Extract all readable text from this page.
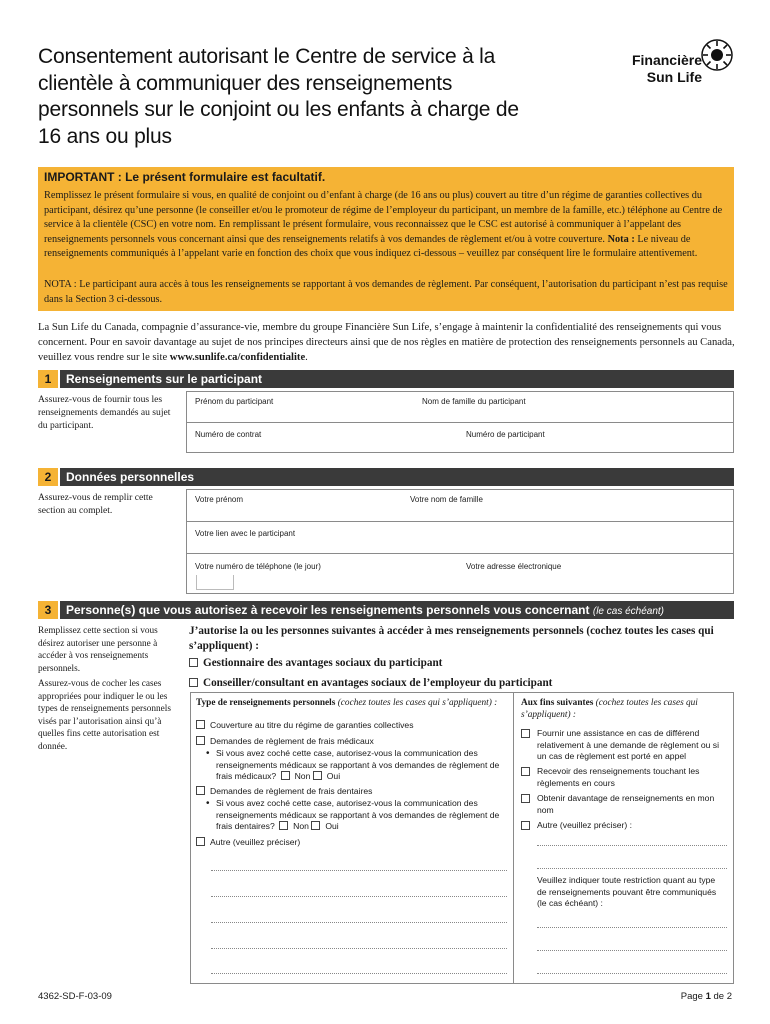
Consentement autorisant le Centre de service à la clientèle à communiquer des renseignements personnels sur le conjoint ou les enfants à charge de 16 ans ou plus
Financière
Sun Life
IMPORTANT : Le présent formulaire est facultatif.
Remplissez le présent formulaire si vous, en qualité de conjoint ou d’enfant à charge (de 16 ans ou plus) couvert au titre d’un régime de garanties collectives du participant, désirez qu’une personne (le conseiller et/ou le promoteur de régime de l’employeur du participant, un membre de la famille, etc.) téléphone au Centre de service à la clientèle (CSC) en votre nom. En remplissant le présent formulaire, vous reconnaissez que le CSC est autorisé à communiquer à l’appelant des renseignements personnels vous concernant ainsi que des renseignements relatifs à vos demandes de règlement et/ou à votre couverture. Nota : Le niveau de renseignements communiqués à l’appelant varie en fonction des choix que vous indiquez ci-dessous – veuillez par conséquent lire le formulaire attentivement.
NOTA : Le participant aura accès à tous les renseignements se rapportant à vos demandes de règlement. Par conséquent, l’autorisation du participant n’est pas requise dans la Section 3 ci-dessous.
La Sun Life du Canada, compagnie d’assurance-vie, membre du groupe Financière Sun Life, s’engage à maintenir la confidentialité des renseignements qui vous concernent. Pour en savoir davantage au sujet de nos principes directeurs ainsi que de nos règles en matière de protection des renseignements personnels au Canada, veuillez vous rendre sur le site www.sunlife.ca/confidentialite.
1	Renseignements sur le participant
Assurez-vous de fournir tous les renseignements demandés au sujet du participant.
Prénom du participant	Nom de famille du participant
Numéro de contrat	Numéro de participant
2	Données personnelles
Assurez-vous de remplir cette section au complet.
Votre prénom	Votre nom de famille
Votre lien avec le participant
Votre numéro de téléphone (le jour)	Votre adresse électronique
3	Personne(s) que vous autorisez à recevoir les renseignements personnels vous concernant (le cas échéant)
Remplissez cette section si vous désirez autoriser une personne à accéder à vos renseignements personnels.
Assurez-vous de cocher les cases appropriées pour indiquer le ou les types de renseignements personnels visés par l’autorisation ainsi qu’à quelles fins cette autorisation est donnée.
J’autorise la ou les personnes suivantes à accéder à mes renseignements personnels (cochez toutes les cases qui s’appliquent) :
Gestionnaire des avantages sociaux du participant
Conseiller/consultant en avantages sociaux de l’employeur du participant
Type de renseignements personnels (cochez toutes les cases qui s’appliquent) :	Aux fins suivantes (cochez toutes les cases qui s’appliquent) :
Couverture au titre du régime de garanties collectives
Demandes de règlement de frais médicaux
• Si vous avez coché cette case, autorisez-vous la communication des renseignements médicaux se rapportant à vos demandes de règlement de frais médicaux? Non Oui
Demandes de règlement de frais dentaires
• Si vous avez coché cette case, autorisez-vous la communication des renseignements médicaux se rapportant à vos demandes de règlement de frais dentaires? Non Oui
Autre (veuillez préciser)
Fournir une assistance en cas de différend relativement à une demande de règlement ou si un cas de règlement est porté en appel
Recevoir des renseignements touchant les règlements en cours
Obtenir davantage de renseignements en mon nom
Autre (veuillez préciser) :
Veuillez indiquer toute restriction quant au type de renseignements pouvant être communiqués (le cas échéant) :
4362-SD-F-03-09	Page 1 de 2
